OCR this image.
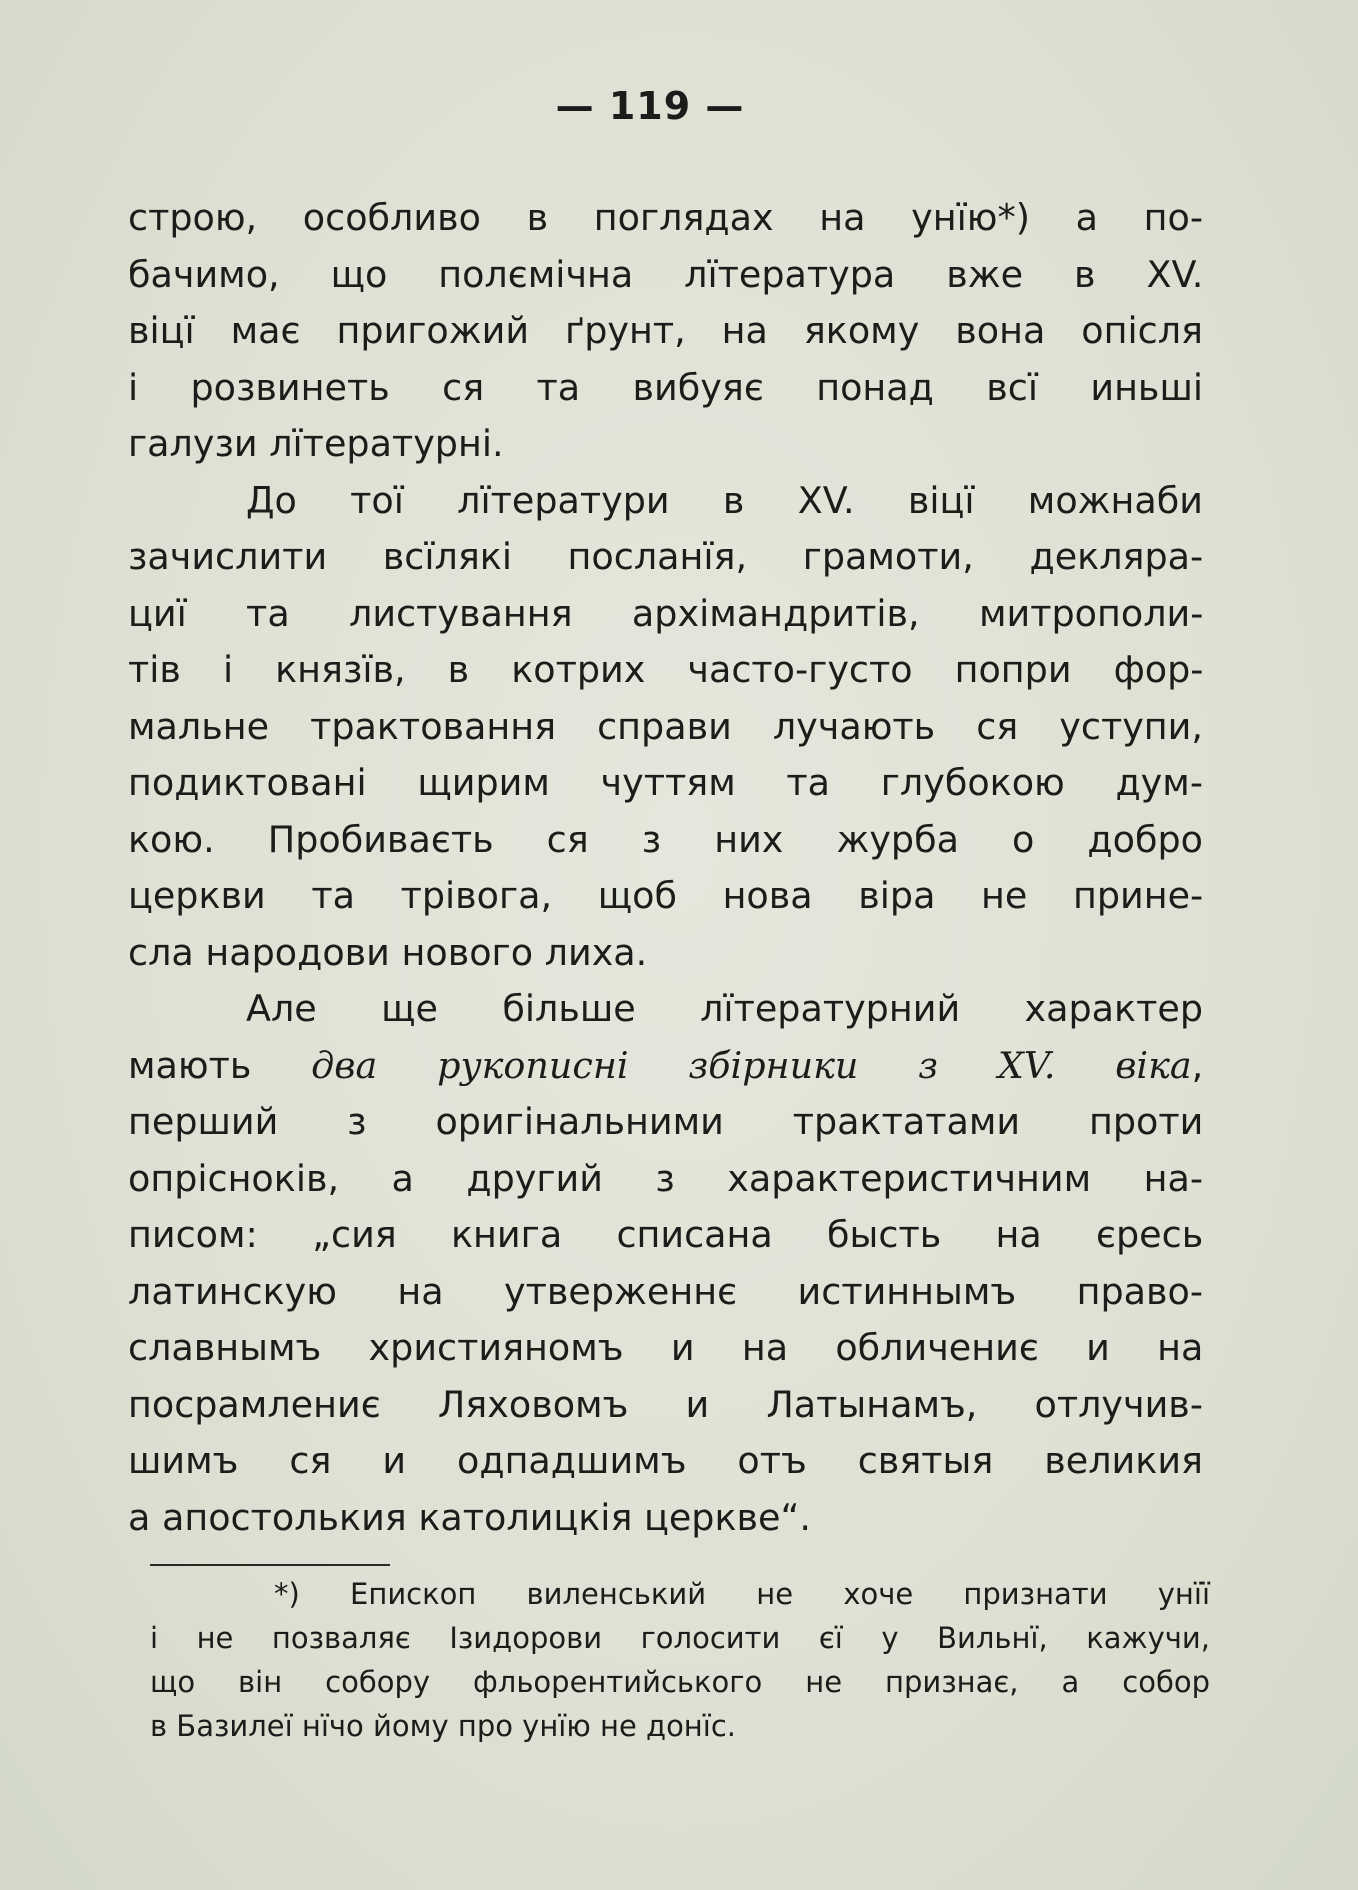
— 119 —

строю, особливо в поглядах на унїю*) а по-
бачимо, що полємічна лїтература вже в XV.
віцї має пригожий ґрунт, на якому вона опісля
і розвинеть ся та вибуяє понад всї иньші
галузи лїтературні.

До тої лїтератури в XV. віцї можнаби
зачислити всїлякі посланїя, грамоти, деклярa-
циї та листування архімандритів, митрополи-
тів і князїв, в котрих часто-густо попри фор-
мальне трактовання справи лучають ся уступи,
подиктовані щирим чуттям та глубокою дум-
кою. Пробиваєть ся з них журба о добро
церкви та трівога, щоб нова віра не прине-
сла народови нового лиха.

Але ще більше лїтературний характер
мають два рукописні збірники з XV. віка,
перший з оригінальними трактатами проти
опрісноків, а другий з характеристичним на-
писом: „сия книга списана бысть на єресь
латинскую на утверженнє истиннымъ право-
славнымъ християномъ и на обличениє и на
посрамлениє Ляховомъ и Латынамъ, отлучив-
шимъ ся и одпадшимъ отъ святыя великия
а апостолькия католицкія церкве“.

*) Епископ виленський не хоче признати унїї
і не позваляє Ізидорови голосити єї у Вильнї, кажучи,
що він собору фльорентийського не признає, а собор
в Базилеї нїчо йому про унїю не донїс.
